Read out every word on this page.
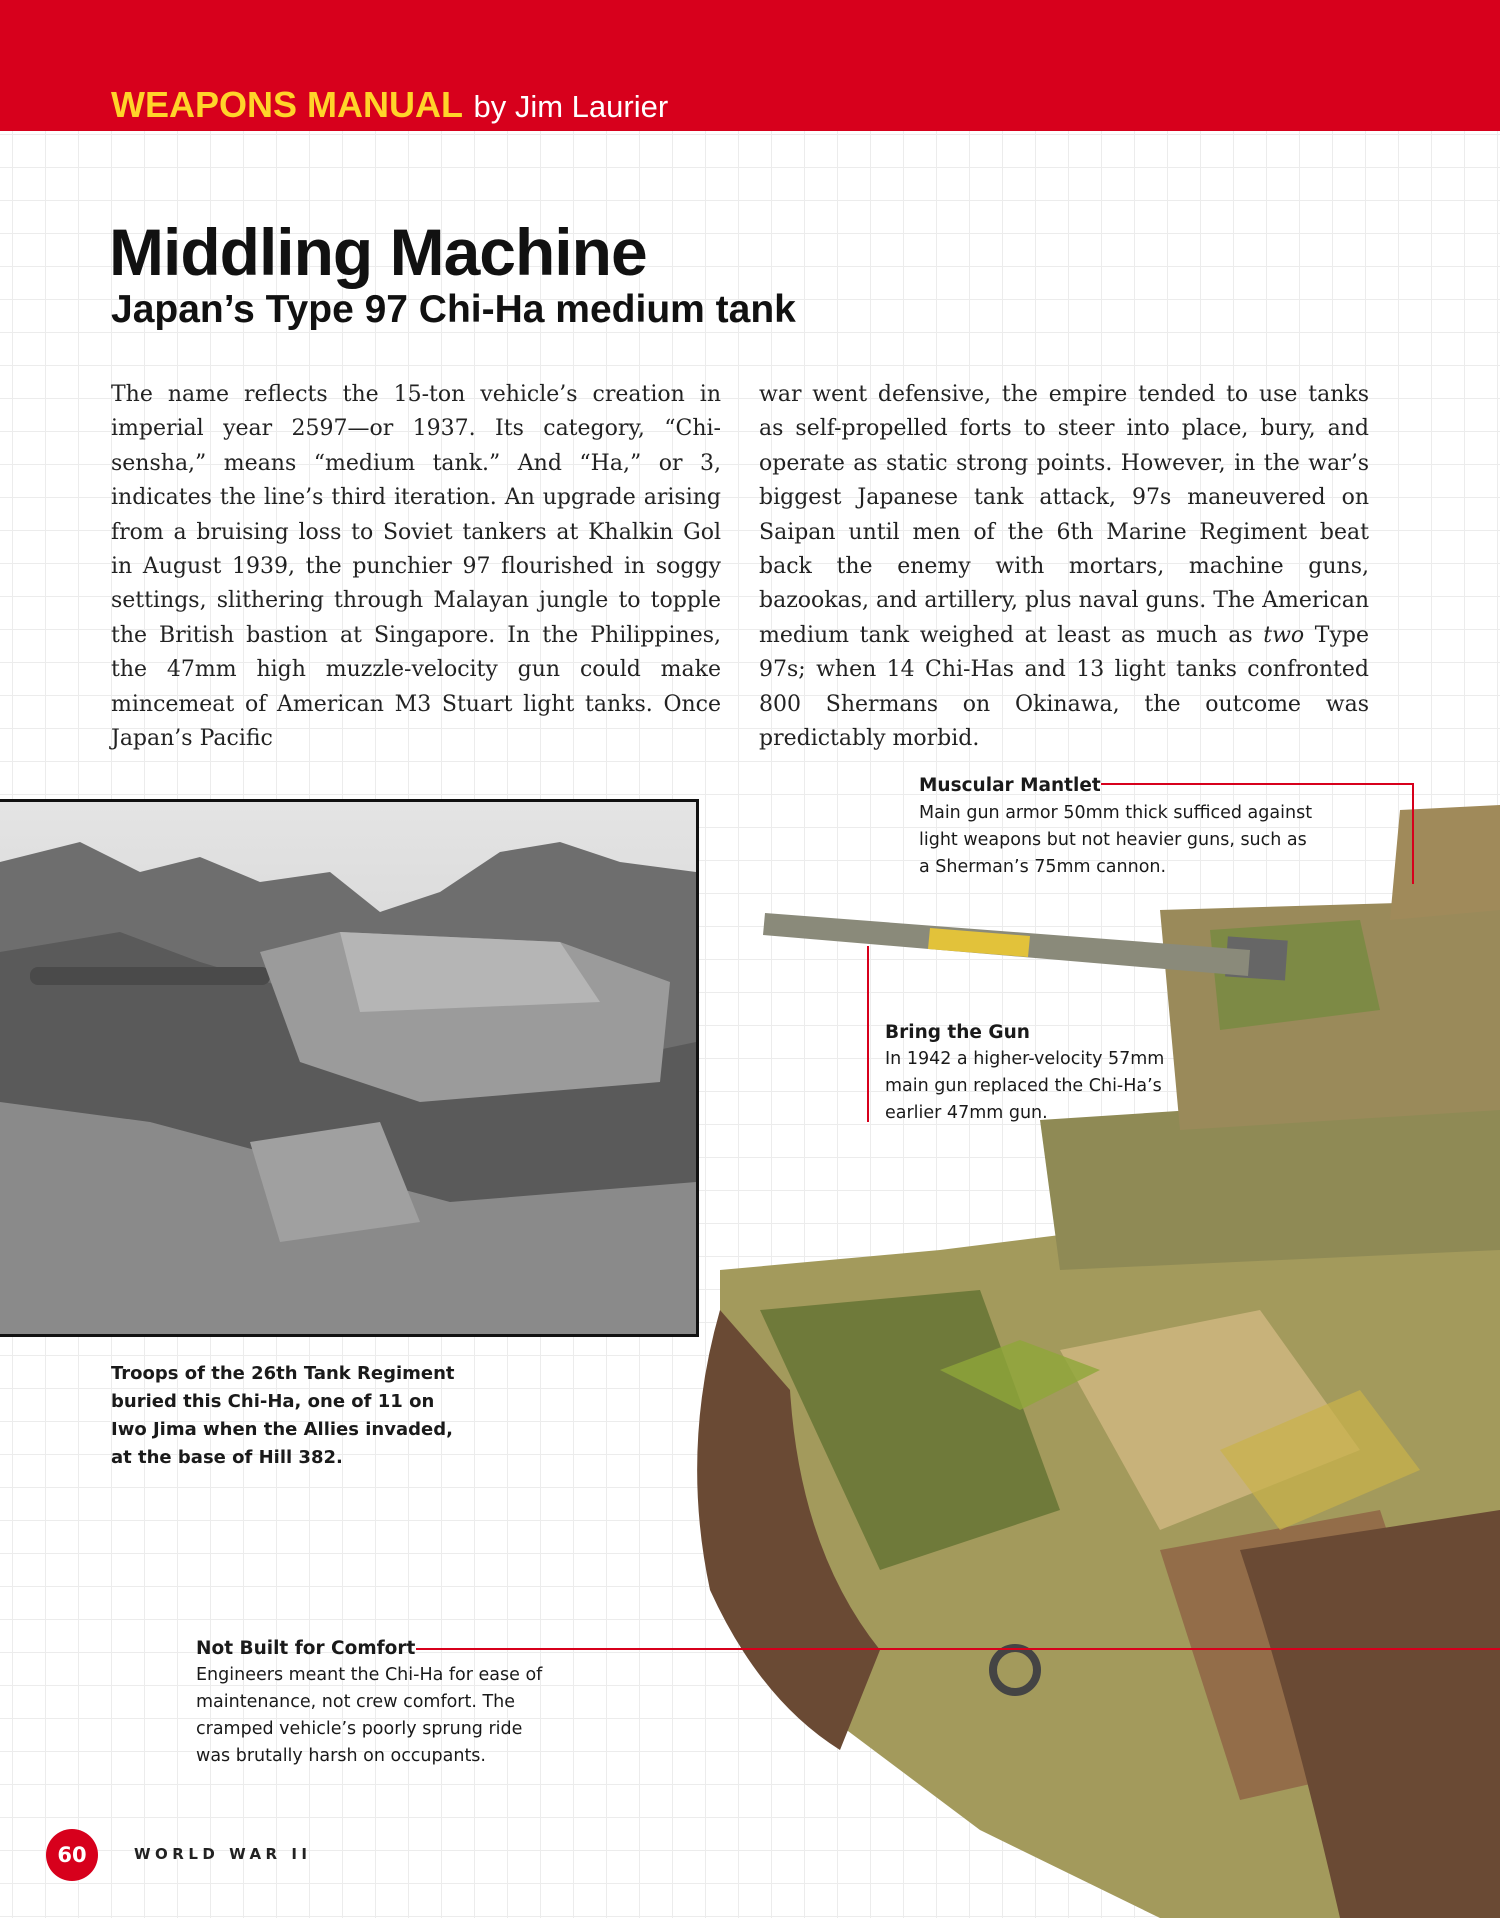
WEAPONS MANUAL by Jim Laurier
Middling Machine
Japan’s Type 97 Chi-Ha medium tank
The name reflects the 15-ton vehicle’s creation in imperial year 2597—or 1937. Its category, “Chi-sensha,” means “medium tank.” And “Ha,” or 3, indicates the line’s third iteration. An upgrade arising from a bruising loss to Soviet tankers at Khalkin Gol in August 1939, the punchier 97 flourished in soggy settings, slithering through Malayan jungle to topple the British bastion at Singapore. In the Philippines, the 47mm high muzzle-velocity gun could make mincemeat of American M3 Stuart light tanks. Once Japan’s Pacific
war went defensive, the empire tended to use tanks as self-propelled forts to steer into place, bury, and operate as static strong points. However, in the war’s biggest Japanese tank attack, 97s maneuvered on Saipan until men of the 6th Marine Regiment beat back the enemy with mortars, machine guns, bazookas, and artillery, plus naval guns. The American medium tank weighed at least as much as two Type 97s; when 14 Chi-Has and 13 light tanks confronted 800 Shermans on Okinawa, the outcome was predictably morbid.
Troops of the 26th Tank Regiment buried this Chi-Ha, one of 11 on Iwo Jima when the Allies invaded, at the base of Hill 382.
Muscular Mantlet
Main gun armor 50mm thick sufficed against light weapons but not heavier guns, such as a Sherman’s 75mm cannon.
Bring the Gun
In 1942 a higher-velocity 57mm main gun replaced the Chi-Ha’s earlier 47mm gun.
Not Built for Comfort
Engineers meant the Chi-Ha for ease of maintenance, not crew comfort. The cramped vehicle’s poorly sprung ride was brutally harsh on occupants.
60	WORLD WAR II
